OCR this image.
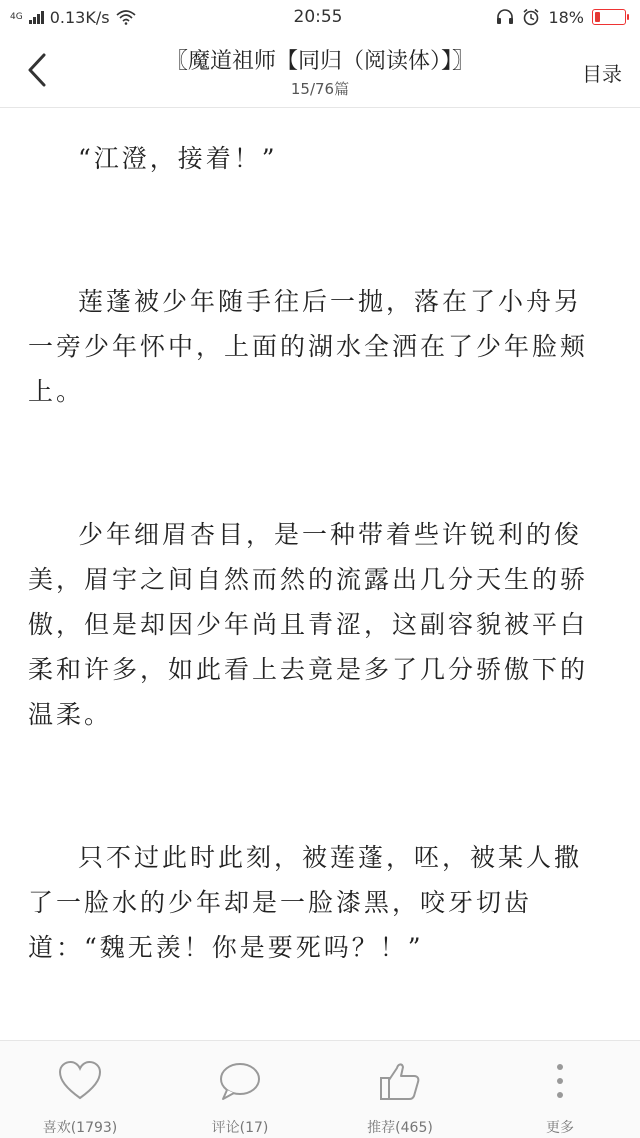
4G 0.13K/s	20:55	18%
〖魔道祖师【同归（阅读体）】〗
15/76篇
目录

“江澄，接着！”

莲蓬被少年随手往后一抛，落在了小舟另一旁少年怀中，上面的湖水全洒在了少年脸颊上。

少年细眉杏目，是一种带着些许锐利的俊美，眉宇之间自然而然的流露出几分天生的骄傲，但是却因少年尚且青涩，这副容貌被平白柔和许多，如此看上去竟是多了几分骄傲下的温柔。

只不过此时此刻，被莲蓬，呸，被某人撒了一脸水的少年却是一脸漆黑，咬牙切齿道：“魏无羡！你是要死吗？！”

喜欢(1793)	评论(17)	推荐(465)	更多
